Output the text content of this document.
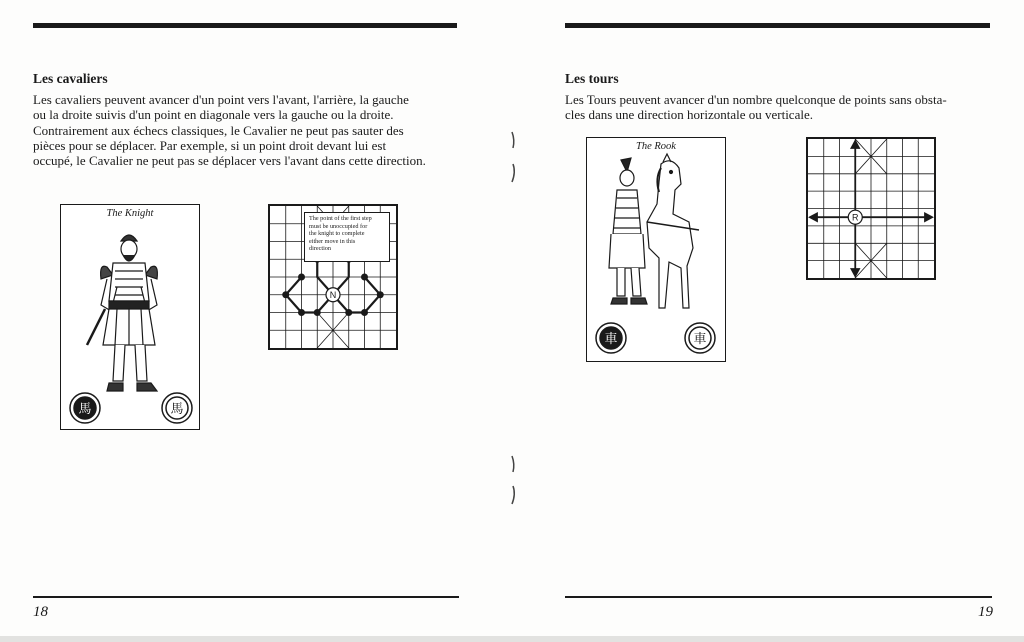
Les cavaliers
Les cavaliers peuvent avancer d'un point vers l'avant, l'arrière, la gauche
ou la droite suivis d'un point en diagonale vers la gauche ou la droite.
Contrairement aux échecs classiques, le Cavalier ne peut pas sauter des
pièces pour se déplacer. Par exemple, si un point droit devant lui est
occupé, le Cavalier ne peut pas se déplacer vers l'avant dans cette direction.
The Knight
馬	馬
N
The point of the first step
must be unoccupied for
the knight to complete
either move in this
direction
18
Les tours
Les Tours peuvent avancer d'un nombre quelconque de points sans obsta-
cles dans une direction horizontale ou verticale.
The Rook
車	車
R
19
